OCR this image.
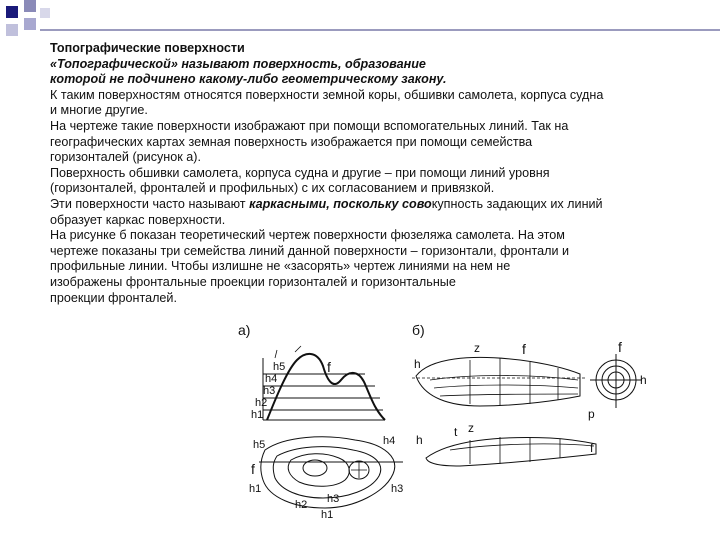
Топографические поверхности

«Топографической» называют поверхность, образование

которой не подчинено какому-либо геометрическому закону.

К таким поверхностям относятся поверхности земной коры, обшивки самолета, корпуса судна

и многие другие.

На чертеже такие поверхности изображают при помощи вспомогательных линий. Так на

географических картах земная поверхность изображается при помощи семейства

горизонталей (рисунок а).

Поверхность обшивки самолета, корпуса судна и другие – при помощи линий уровня

(горизонталей, фронталей и профильных) с их согласованием и привязкой.

Эти поверхности часто называют каркасными, поскольку совокупность задающих их линий

образует каркас поверхности.

На рисунке б показан теоретический чертеж поверхности фюзеляжа самолета. На этом

чертеже показаны три семейства линий данной поверхности – горизонтали, фронтали и

профильные линии. Чтобы излишне не «засорять» чертеж линиями на нем не

изображены фронтальные проекции горизонталей и горизонтальные

проекции фронталей.

а)	б)
h5
h4
h3
h2
h1
f
h5	h4
f
h1	h3
h3
h1
h2
z	f	f
h
h
p
f
z
h
t
